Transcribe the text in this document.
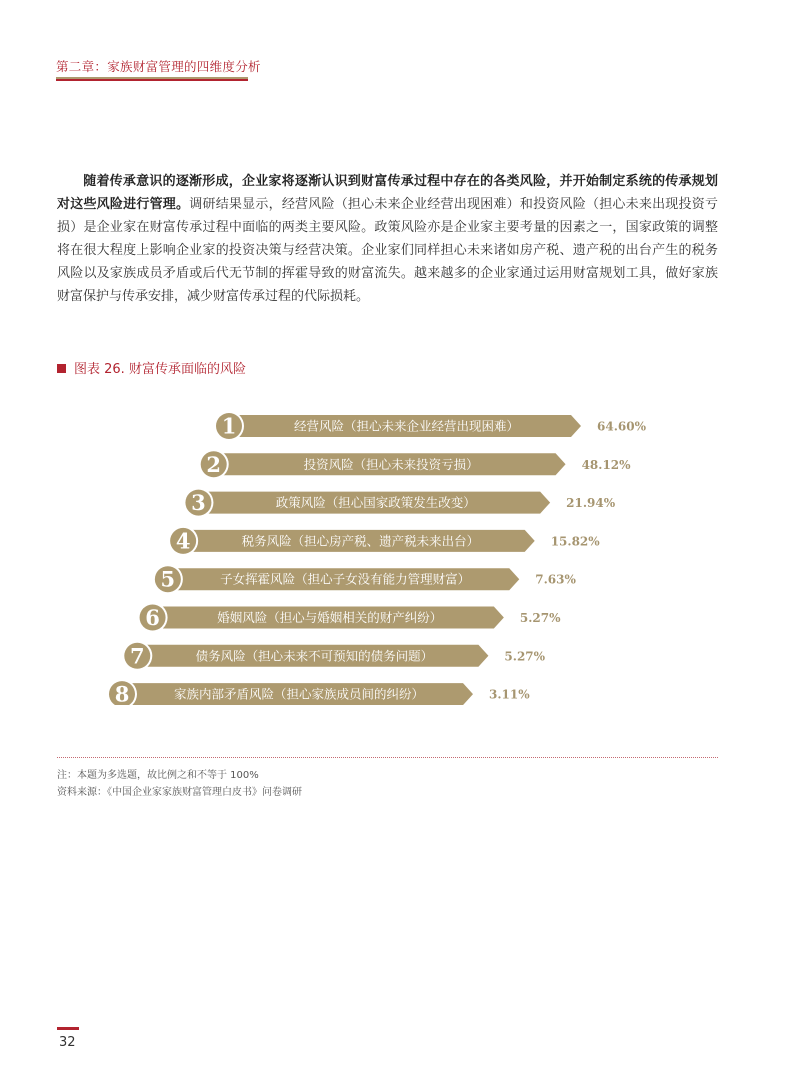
第二章：家族财富管理的四维度分析
随着传承意识的逐渐形成，企业家将逐渐认识到财富传承过程中存在的各类风险，并开始制定系统的传承规划对这些风险进行管理。调研结果显示，经营风险（担心未来企业经营出现困难）和投资风险（担心未来出现投资亏损）是企业家在财富传承过程中面临的两类主要风险。政策风险亦是企业家主要考量的因素之一，国家政策的调整将在很大程度上影响企业家的投资决策与经营决策。企业家们同样担心未来诸如房产税、遗产税的出台产生的税务风险以及家族成员矛盾或后代无节制的挥霍导致的财富流失。越来越多的企业家通过运用财富规划工具，做好家族财富保护与传承安排，减少财富传承过程的代际损耗。
图表 26. 财富传承面临的风险
经营风险（担心未来企业经营出现困难）
1	64.60%
投资风险（担心未来投资亏损）
2	48.12%
政策风险（担心国家政策发生改变）
3	21.94%
税务风险（担心房产税、遗产税未来出台）
4	15.82%
子女挥霍风险（担心子女没有能力管理财富）
5	7.63%
婚姻风险（担心与婚姻相关的财产纠纷）
6	5.27%
债务风险（担心未来不可预知的债务问题）
7	5.27%
家族内部矛盾风险（担心家族成员间的纠纷）
8	3.11%
注：本题为多选题，故比例之和不等于 100%
资料来源：《中国企业家家族财富管理白皮书》问卷调研
32
